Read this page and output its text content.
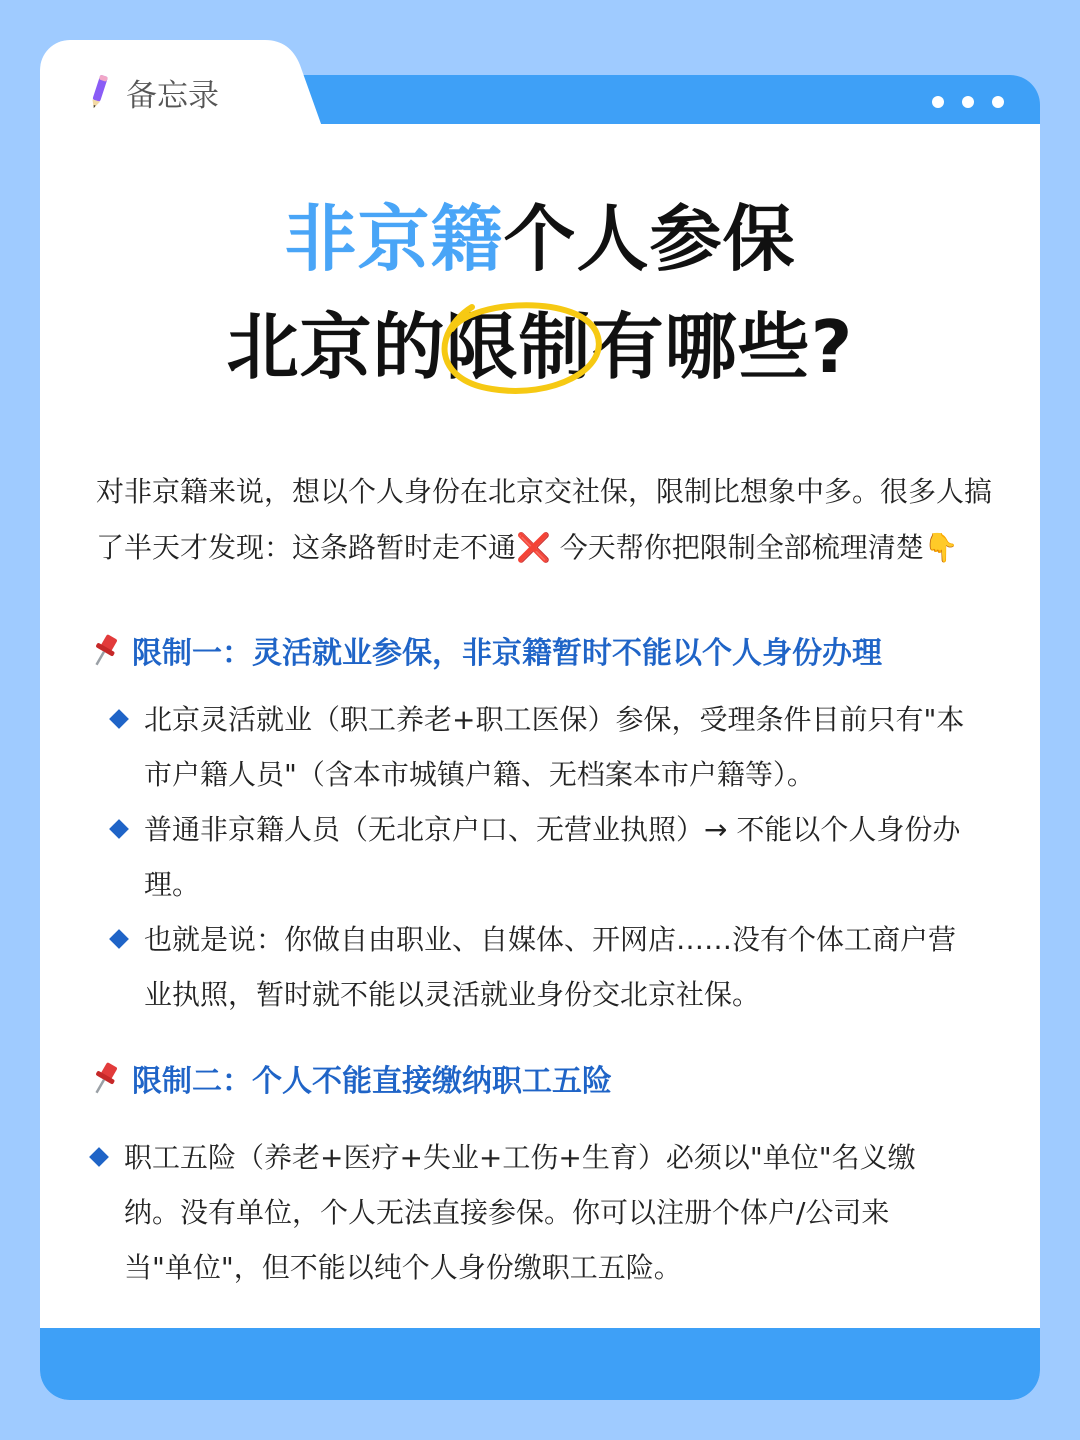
备忘录
非京籍个人参保
北京的
限制有哪些?
对非京籍来说，想以个人身份在北京交社保，限制比想象中多。很多人搞了半天才发现：这条路暂时走不通❌ 今天帮你把限制全部梳理清楚👇
限制一：灵活就业参保，非京籍暂时不能以个人身份办理
北京灵活就业（职工养老+职工医保）参保，受理条件目前只有"本市户籍人员"（含本市城镇户籍、无档案本市户籍等）。
普通非京籍人员（无北京户口、无营业执照）→ 不能以个人身份办理。
也就是说：你做自由职业、自媒体、开网店……没有个体工商户营业执照，暂时就不能以灵活就业身份交北京社保。
限制二：个人不能直接缴纳职工五险
职工五险（养老+医疗+失业+工伤+生育）必须以"单位"名义缴纳。没有单位，个人无法直接参保。你可以注册个体户/公司来当"单位"，但不能以纯个人身份缴职工五险。
